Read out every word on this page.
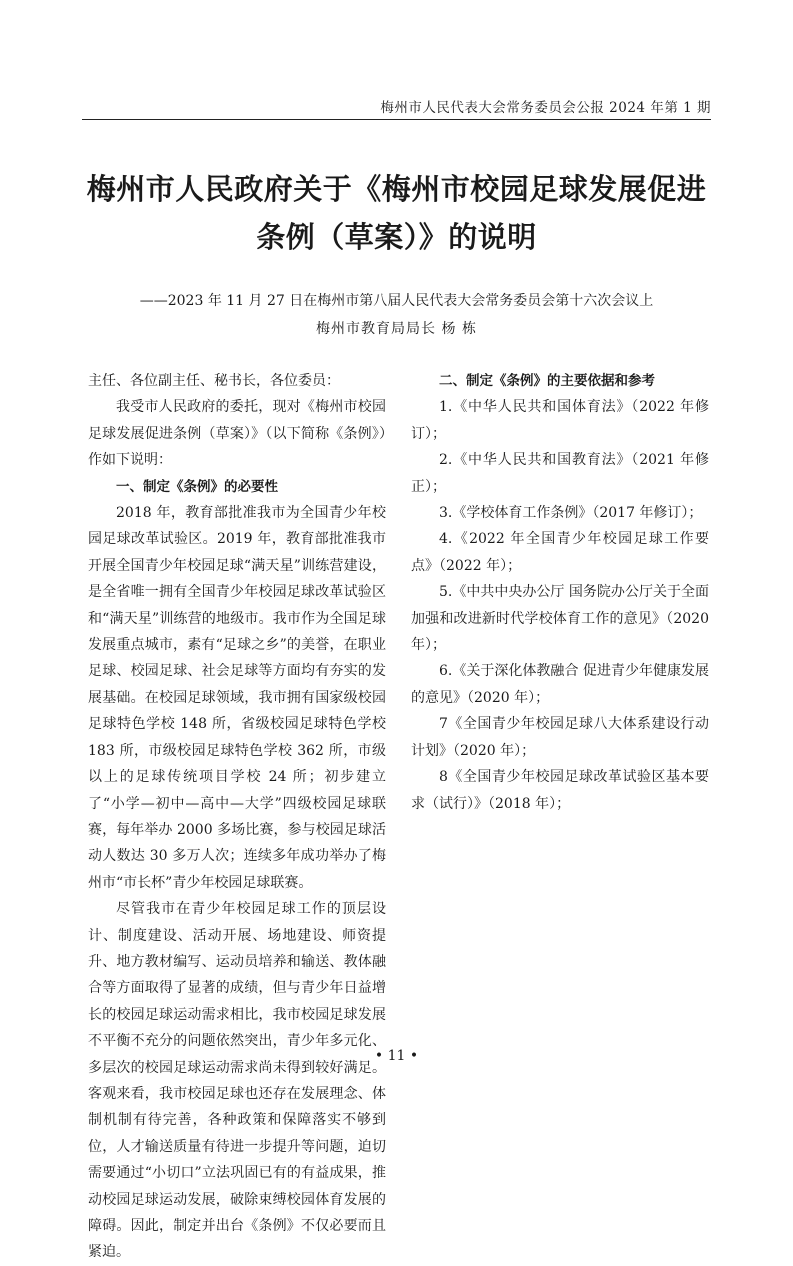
梅州市人民代表大会常务委员会公报 2024 年第 1 期
梅州市人民政府关于《梅州市校园足球发展促进
条例（草案）》的说明
——2023 年 11 月 27 日在梅州市第八届人民代表大会常务委员会第十六次会议上
梅州市教育局局长 杨 栋

主任、各位副主任、秘书长，各位委员：

我受市人民政府的委托，现对《梅州市校园足球发展促进条例（草案）》（以下简称《条例》）作如下说明：

一、制定《条例》的必要性

2018 年，教育部批准我市为全国青少年校园足球改革试验区。2019 年，教育部批准我市开展全国青少年校园足球“满天星”训练营建设，是全省唯一拥有全国青少年校园足球改革试验区和“满天星”训练营的地级市。我市作为全国足球发展重点城市，素有“足球之乡”的美誉，在职业足球、校园足球、社会足球等方面均有夯实的发展基础。在校园足球领域，我市拥有国家级校园足球特色学校 148 所，省级校园足球特色学校 183 所，市级校园足球特色学校 362 所，市级以上的足球传统项目学校 24 所；初步建立了“小学—初中—高中—大学”四级校园足球联赛，每年举办 2000 多场比赛，参与校园足球活动人数达 30 多万人次；连续多年成功举办了梅州市“市长杯”青少年校园足球联赛。

尽管我市在青少年校园足球工作的顶层设计、制度建设、活动开展、场地建设、师资提升、地方教材编写、运动员培养和输送、教体融合等方面取得了显著的成绩，但与青少年日益增长的校园足球运动需求相比，我市校园足球发展不平衡不充分的问题依然突出，青少年多元化、多层次的校园足球运动需求尚未得到较好满足。客观来看，我市校园足球也还存在发展理念、体制机制有待完善，各种政策和保障落实不够到位，人才输送质量有待进一步提升等问题，迫切需要通过“小切口”立法巩固已有的有益成果，推动校园足球运动发展，破除束缚校园体育发展的障碍。因此，制定并出台《条例》不仅必要而且紧迫。

二、制定《条例》的主要依据和参考

1.《中华人民共和国体育法》（2022 年修订）；

2.《中华人民共和国教育法》（2021 年修正）；

3.《学校体育工作条例》（2017 年修订）；

4.《2022 年全国青少年校园足球工作要点》（2022 年）；

5.《中共中央办公厅 国务院办公厅关于全面加强和改进新时代学校体育工作的意见》（2020 年）；

6.《关于深化体教融合 促进青少年健康发展的意见》（2020 年）；

7《全国青少年校园足球八大体系建设行动计划》（2020 年）；

8《全国青少年校园足球改革试验区基本要求（试行）》（2018 年）；

• 11 •
